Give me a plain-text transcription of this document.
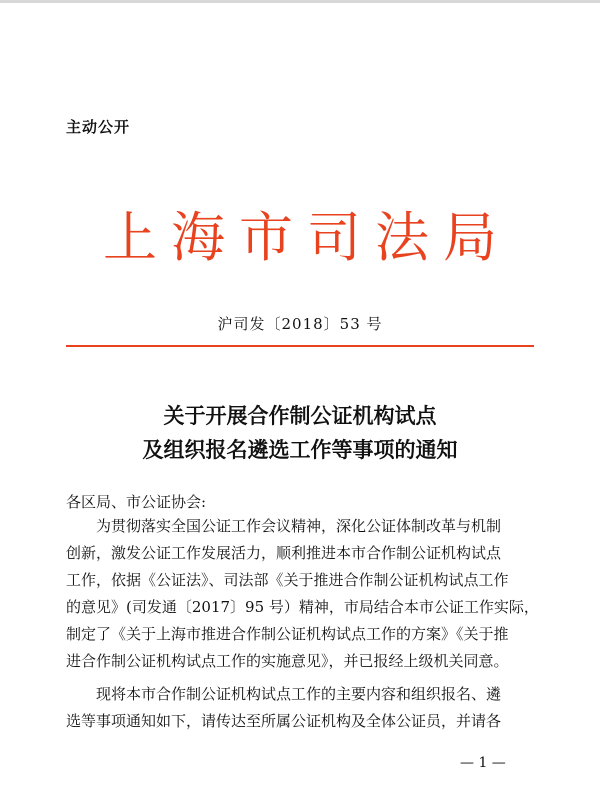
主动公开
上海市司法局
沪司发〔2018〕53 号
关于开展合作制公证机构试点
及组织报名遴选工作等事项的通知
各区局、市公证协会:
为贯彻落实全国公证工作会议精神，深化公证体制改革与机制
创新，激发公证工作发展活力，顺利推进本市合作制公证机构试点
工作，依据《公证法》、司法部《关于推进合作制公证机构试点工作
的意见》(司发通〔2017〕95 号）精神，市局结合本市公证工作实际，
制定了《关于上海市推进合作制公证机构试点工作的方案》《关于推
进合作制公证机构试点工作的实施意见》，并已报经上级机关同意。
现将本市合作制公证机构试点工作的主要内容和组织报名、遴
选等事项通知如下，请传达至所属公证机构及全体公证员，并请各
— 1 —
